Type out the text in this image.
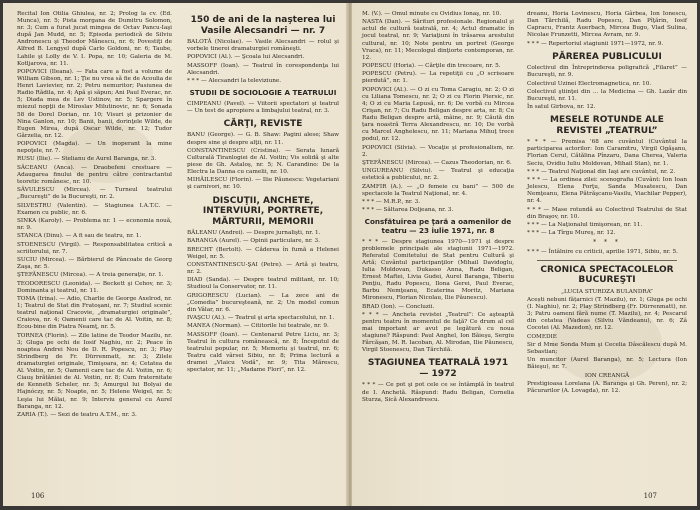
Recital Ion Otilia Ghiulea, nr. 2; Prolog la cv. (Ed. Munca), nr. 5; Pista morgana de Dumitru Solomon, nr. 3; Cum a furat jucat mingea de Octav Pancu-Iaşi după Jan Mudd, nr. 5; Episoda periodică de Silviu Andronescu şi Theodor Mănescu, nr. 6; Povestiţi de Alfred B. Lengyel după Carlo Goldoni, nr. 6; Taube, Lahile şi Lolly de V. I. Popa, nr. 10; Galeria de M. Kotljarova, nr. 11.

POPOVICI (Ileana). — Fata care a fost a volume de William Gibson, nr. 1; Ţie nu vrea să fie de Acoulia de Henri Lavievier, nr. 2; Petru nemuritor; Pasiunea de Radio Rădila, nr. 4; Apă şi săpun; Ani Paul Everac, nr. 5; Diada mea de Lev Ustinov, nr. 5; Spargere în miezul nopţii de Miroslav Milutinovic, nr. 6; Sonada 58 de Dorel Dorian, nr. 10; Visuri şi prizonier de Nina Ganlon, nr. 10; Banii, banii, dorinţele Wilde, de Eugen Mirea, după Oscar Wilde, nr. 12; Tudor Gărzelia, nr. 12.

POPOVICI (Magda). — Un inoperant la mine nepoţele, nr. 7.

RUSU (Ilie). — Stelianu de Aurel Baranga, nr. 3.

SĂCEANU (Anca). — Draobefeni crestuare — Adaugarea finului de pentru către contractantul teoretic românesc, nr. 10.

SĂVULESCU (Mircea). — Turneul teatrului „Bucureşti” de la Bucureşti, nr. 2.

SILVESTRU (Valentin). — Stagiunea I.A.T.C. — Examen cu public, nr. 6.

SINKA (Karoly). — Problema nr. 1 — economia nouă, nr. 9.

STANCA (Dinu). — A fi sau de teatru, nr. 1.

STOENESCU (Virgil). — Responsabilitatea critică a scriitorului, nr. 7.

SUCIU (Mircea). — Bărbierul de Pâncoate de Georg Zaşa, nr. 5.

ŞTEFĂNESCU (Mircea). — A treia generaţie, nr. 1.

TEODORESCU (Leonida). — Beckett şi Cehov, nr. 3; Dominanta şi teatrul, nr. 11.

TOMA (Irina). — Adio, Charlie de George Axelrod, nr. 1; Teatrul de Stat din Fratoşani, nr. 7; Studiul scenic teatrul naţional Cracovie, „dramaturgiei originale”, Craiova, nr. 4; Oamenii care tac de Al. Voitin, nr. 8; Ecou-bine din Piatra Neamţ, nr. 5.

TORNEA (Florin). — Zile latine de Teodor Mazilu, nr. 3; Gluga pe ochi de Iosif Naghiu, nr. 2; Peace în noaptea Andrei Nou de D. R. Popescu, nr. 3; Play Strindberg de Fr. Dürrenmatt, nr. 3; Zilele dramaturgiei originale, Timişoara, nr. 4; Cetatea de Al. Voitin, nr. 5; Oamenii care tac de Al. Voitin, nr. 6; Ciauş brătăniei de Al. Voitin, nr. 8; Cum fraternitate de Kenneth Scheler, nr. 5; Amurgul lui Bolyai de Hajnóczy, nr. 5; Noapte, nr. 5; Helene Weigel, nr. 5; Leşia lui Mălai, nr. 9; Interviu general cu Aurel Baranga, nr. 12.

ZARIA (T.). — Sezi de teatru A.T.M., nr. 3.

150 de ani de la naşterea lui Vasile Alecsandri — nr. 7

BALOTĂ (Nicolae). — Vasile Alecsandri — rolul şi vorbele tinerei dramaturgiei româneşti.

POPOVICI (Al.). — Şcoala lui Alecsandri.

MASSOFF (Ioan). — Teatrul în corespondenţa lui Alecsandri.

* * * — Alecsandri la televiziune.

STUDII DE SOCIOLOGIE A TEATRULUI

CIMPEANU (Pavel). — Viitorii spectatori şi teatrul — Un test de apropiere a limbajului teatral, nr. 3.

CĂRŢI, REVISTE

BANU (George). — G. B. Shaw: Pagini alese; Shaw despre sine şi despre alţii, nr. 11.

CONSTANTINESCU (Cristina). — Serata lunară Culturală Tiranlogiei de Al. Voitin; Vis solidă şi alte piese de Gh. Astaloş, nr. 5; N. Carandino: De la Electra la Danna cu camelii, nr. 10.

MIHĂILESCU (Florin). — Ilie Păunescu: Vegetariani şi carnivori, nr. 10.

DISCUŢII, ANCHETE, INTERVIURI, PORTRETE, MĂRTURII, MEMORII

BĂLEANU (Andrei). — Despre jurnalişti, nr. 1.

BARANGA (Aurel). — Opinii particulare, nr. 3.

BRECHT (Bertolt). — Căderea în fumă a Helenei Weigel, nr. 5.

CONSTANTINESCU-ŞAI (Petre). — Artă şi teatru, nr. 2.

DIAD (Sanda). — Despre teatrul militant, nr. 10; Studioul la Conservator, nr. 11.

GRIGORESCU (Lucian). — La zece ani de „Comedia” bucureşteană, nr. 2; Un model comun din Vâlar, nr. 6.

IVAŞCU (Al.). — Teatrul şi arta spectacolului, nr. 1.

MANEA (Norman). — Cititorile lui teatrale, nr. 9.

MASSOFF (Ioan). — Centenarul Petre Liciu, nr. 3; Teatrul în cultura românească, nr. 8; Începutul de teatrului popular, nr. 5; Memoriu şi teatrul, nr. 6; Teatru cald vârsei Sibiu, nr. 8; Prima lectură a dramei „Vlaicu Vodă”, nr. 9; Tita Mărescu, spectator, nr. 11; „Madame Flori”, nr. 12.

106

M. (V.). — Omul minute cu Ovidius Ionaş, nr. 10.

NASTA (Dan). — Sărituri profesionale. Regionalul şi actul de cultură teatrală, nr. 4; Actul dramatic în jocul teatral, nr. 9; Variaţiuni în trăsarea arestului cultural, nr. 10; Note pentru un portret (George Vraca), nr. 11; Mecologul dinţiorte contemporan, nr. 12.

POPESCU (Horia). — Cărţile din trecoare, nr. 5.

POPESCU (Petru). — La repetiţii cu „O scrisoare pierdută”, nr. 1.

POPOVICI (Al.). — O zi cu Toma Caragiu, nr. 2; O zi cu Liliana Tomescu, nr. 2; O zi cu Florin Piersic, nr. 4; O zi cu Maria Lepusă, nr. 6; De vorbă cu Mircea Crişan, nr. 7; Cu Radu Beligan despre arta, nr. 8; Cu Radu Beligan despre artă, mâine, nr. 9; Căută din țara noastră Terra Alexandrescu, nr. 10; De vorbă cu Marcel Anghelescu, nr. 11; Mariana Mihuţ trece podul, nr. 12.

POPOVICI (Silvia). — Vocaţie şi profesionalism, nr. 2.

ŞTEFĂNESCU (Mircea). — Cazus Theodorian, nr. 6.

UNGUREANU (Silviu). — Teatrul şi educaţia estetică a publicului, nr. 2.

ZAMFIR (A.). — „O femeie cu bani” — 500 de spectacole la Teatrul Naţional, nr. 4.

* * * — M.R.P., nr. 3.

* * * — Săltarea Doljeana, nr. 3.

Consfătuirea pe ţară a oamenilor de teatru — 23 iulie 1971, nr. 8

* * * — Despre stagiunea 1970—1971 şi despre problemele principale ale stagiunii 1971—1972. Referatul Comitetului de Stat pentru Cultură şi Artă; Cuvântul participanţilor (Mihail Davidoglu, Iulia Moldovan, Dukasso Anna, Radu Beligan, Ernest Maftei, Livia Gudei, Aurel Baranga, Tiberiu Penţiu, Radu Popescu, Ilona Gerei, Paul Everac, Barbu Nemţeanu, Ecaterina Moritz, Mariana Mironescu, Florian Nicolau, Ilie Păunescu).

BRAD (Ion). — Concluzii.

* * * — Ancheta revistei „Teatrul”: Ce aşteaptă pentru teatru în momentul de faţă? Ce drum al cel mai important ar avut pe legătură cu noua stagiune? Răspund: Paul Anghel, Ion Băieşu, Sergiu Fărcăşan, M. R. Iacoban, Al. Mirodan, Ilie Păunescu, Virgil Stoenescu, Dan Tărchilă.

STAGIUNEA TEATRALĂ 1971 — 1972

* * * — Ce pot şi pot cele ce se întâmplă în teatrul de I. Anchetă. Răspund: Radu Beligan, Cornelia Sturza, Sică Alexandrescu.

dreanu, Horia Lovinescu, Horia Gârbea, Ion Ionescu, Dan Tărchilă, Radu Popescu, Dan Pîţărin, Iosif Capracu, Frantz Auerbach, Mircea Bugo, Vlad Sulina, Nicolae Frunzetti, Mircea Avram, nr. 9.

* * * — Repertoriul stagiunii 1971—1972, nr. 9.

PĂREREA PUBLICULUI

Colectivul din Întreprinderea poligrafică „Filaret” — Bucureşti, nr. 9.

Colectivul Uzinei Electromagnetica, nr. 10.

Colectivul ştiinţei din ... la Medicina — Gh. Lazăr din Bucureşti, nr. 11.

În satul Girbova, nr. 12.

MESELE ROTUNDE ALE REVISTEI „TEATRUL”

* * * — Premisa '68 are cuvântul (Cuvântul la participarea actorilor: Ion Caramitru, Virgil Ogăşanu, Florian Cerul, Cătălina Pînzaru, Dana Cherea, Valeria Seciu, Ovidiu Iuliu Moldovan, Mihail Stan), nr. 1.

* * * — Teatrul Naţional din Iaşi are cuvântul, nr. 2.

* * * — La ordinea zilei: scenografia (Cuvânt: Ion Ioan Jelescu, Elena Forţu, Sanda Musatescu, Dan Nemţeanu, Elena Pătrăşcanu-Vasilu, Viachilar Pepper), nr. 4.

* * * — Mase rotundă au Colectivul Teatrului de Stat din Braşov, nr. 10.

* * * — La Naţionalul timişorean, nr. 11.

* * * — La Tîrgu Mureş, nr. 12.

* * *

* * * — Întâlnire cu criticii, aprilie 1971, Sibiu, nr. 5.

CRONICA SPECTACOLELOR BUCUREŞTI

„LUCIA STURDZA BULANDRA”

Acești nebuni fățarnici (T. Mazilu), nr. 1; Gluga pe ochi (I. Naghiu), nr. 2; Play Strindberg (Fr. Dürrenmatt), nr. 3; Patru oameni fără nume (T. Mazilu), nr. 4; Pescarul din cetatea (Vadeas (Silviu Văndeanu), nr. 6; Zâ Cocotei (Al. Mazedon), nr. 12.

COMEDIE

Sir d Mme Sonda Mum şi Cecelia Dâscălescu după M. Sebastian;

Un muncitor (Aurel Baranga), nr. 5; Lectura (Ion Băieşu), nr. 7.

ION CREANGĂ

Prestigioasa Lorelana (A. Baranga şi Gh. Peren), nr. 2; Păcurarilor (A. Lovagda), nr. 12.

107
